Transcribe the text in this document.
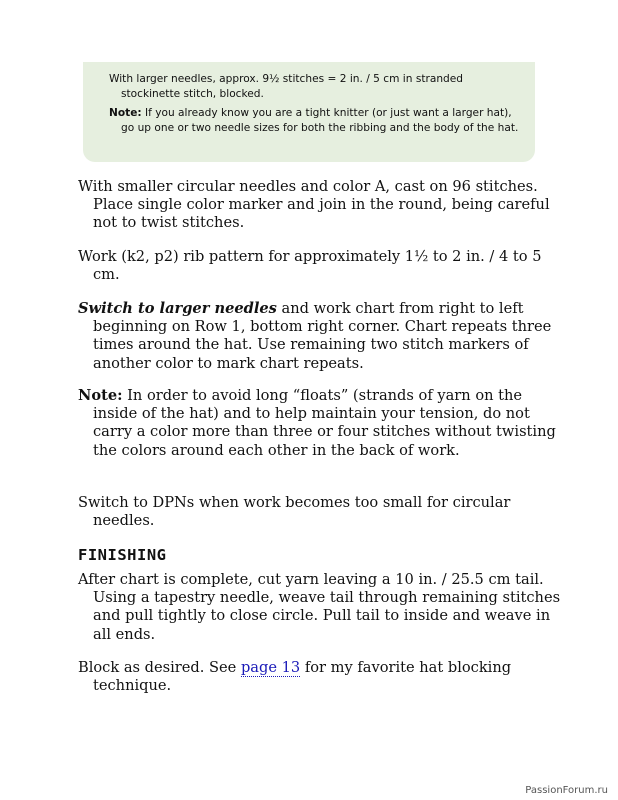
With larger needles, approx. 9½ stitches = 2 in. / 5 cm in stranded stockinette stitch, blocked.

Note: If you already know you are a tight knitter (or just want a larger hat), go up one or two needle sizes for both the ribbing and the body of the hat.

With smaller circular needles and color A, cast on 96 stitches. Place single color marker and join in the round, being careful not to twist stitches.

Work (k2, p2) rib pattern for approximately 1½ to 2 in. / 4 to 5 cm.

Switch to larger needles and work chart from right to left beginning on Row 1, bottom right corner. Chart repeats three times around the hat. Use remaining two stitch markers of another color to mark chart repeats.

Note: In order to avoid long “floats” (strands of yarn on the inside of the hat) and to help maintain your tension, do not carry a color more than three or four stitches without twisting the colors around each other in the back of work.

Switch to DPNs when work becomes too small for circular needles.

FINISHING

After chart is complete, cut yarn leaving a 10 in. / 25.5 cm tail. Using a tapestry needle, weave tail through remaining stitches and pull tightly to close circle. Pull tail to inside and weave in all ends.

Block as desired. See page 13 for my favorite hat blocking technique.

PassionForum.ru
